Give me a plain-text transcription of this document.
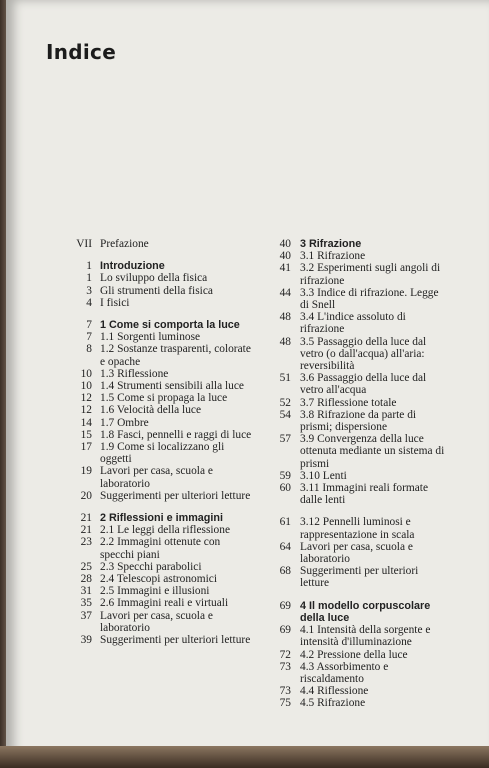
Indice
VII Prefazione
1 Introduzione
1 Lo sviluppo della fisica
3 Gli strumenti della fisica
4 I fisici
7 1 Come si comporta la luce
7 1.1 Sorgenti luminose
8 1.2 Sostanze trasparenti, colorate e opache
10 1.3 Riflessione
10 1.4 Strumenti sensibili alla luce
12 1.5 Come si propaga la luce
12 1.6 Velocità della luce
14 1.7 Ombre
15 1.8 Fasci, pennelli e raggi di luce
17 1.9 Come si localizzano gli oggetti
19 Lavori per casa, scuola e laboratorio
20 Suggerimenti per ulteriori letture
21 2 Riflessioni e immagini
21 2.1 Le leggi della riflessione
23 2.2 Immagini ottenute con specchi piani
25 2.3 Specchi parabolici
28 2.4 Telescopi astronomici
31 2.5 Immagini e illusioni
35 2.6 Immagini reali e virtuali
37 Lavori per casa, scuola e laboratorio
39 Suggerimenti per ulteriori letture
40 3 Rifrazione
40 3.1 Rifrazione
41 3.2 Esperimenti sugli angoli di rifrazione
44 3.3 Indice di rifrazione. Legge di Snell
48 3.4 L'indice assoluto di rifrazione
48 3.5 Passaggio della luce dal vetro (o dall'acqua) all'aria: reversibilità
51 3.6 Passaggio della luce dal vetro all'acqua
52 3.7 Riflessione totale
54 3.8 Rifrazione da parte di prismi; dispersione
57 3.9 Convergenza della luce ottenuta mediante un sistema di prismi
59 3.10 Lenti
60 3.11 Immagini reali formate dalle lenti
61 3.12 Pennelli luminosi e rappresentazione in scala
64 Lavori per casa, scuola e laboratorio
68 Suggerimenti per ulteriori letture
69 4 Il modello corpuscolare della luce
69 4.1 Intensità della sorgente e intensità d'illuminazione
72 4.2 Pressione della luce
73 4.3 Assorbimento e riscaldamento
73 4.4 Riflessione
75 4.5 Rifrazione
